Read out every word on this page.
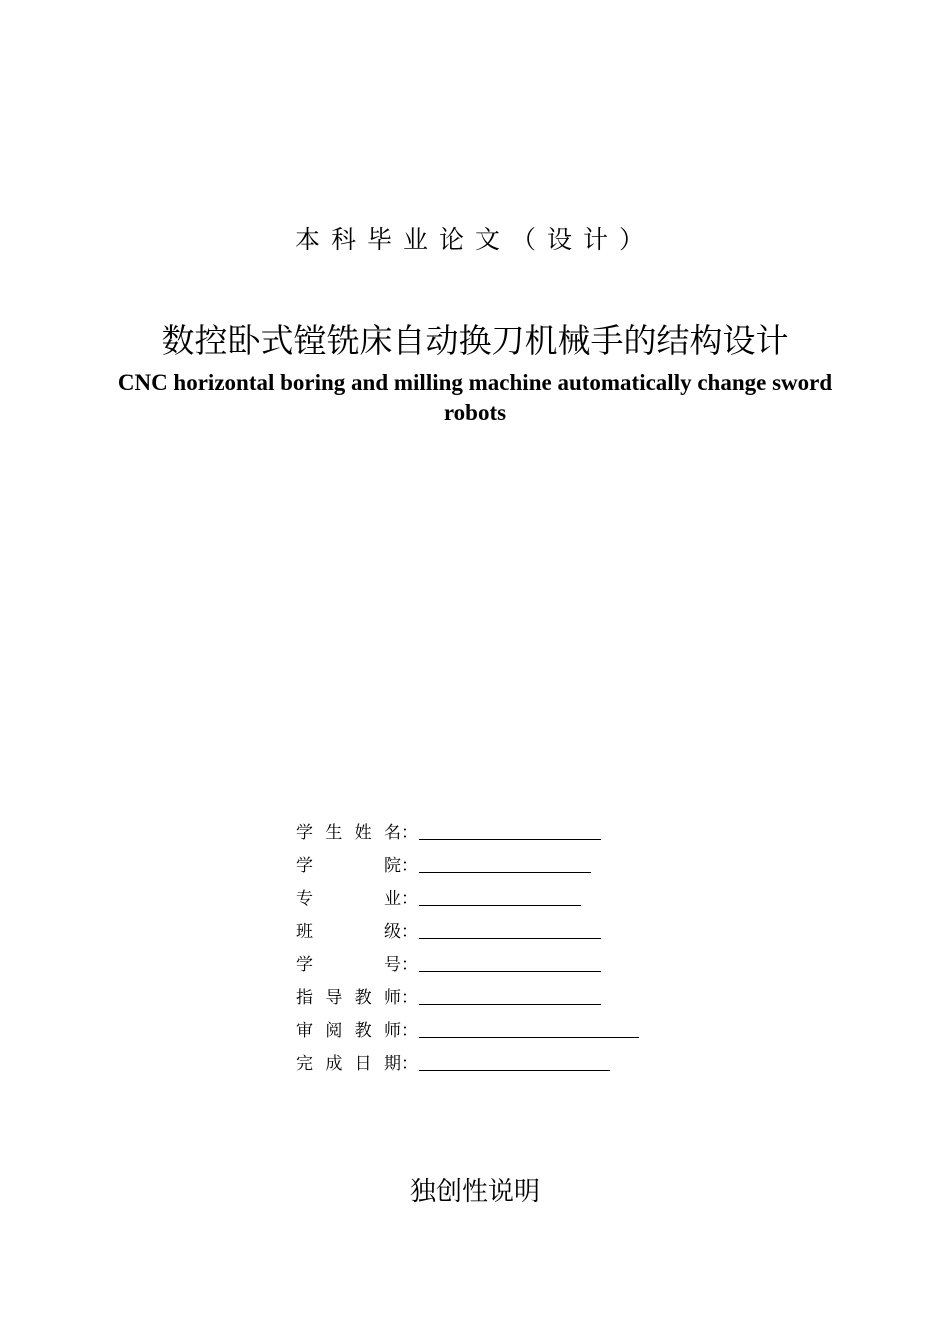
本科毕业论文（设计）
数控卧式镗铣床自动换刀机械手的结构设计
CNC horizontal boring and milling machine automatically change sword robots
学 生 姓 名 ：
学	院 ：
专	业 ：
班	级 ：
学	号 ：
指 导 教 师 ：
审 阅 教 师 ：
完 成 日 期 ：
独创性说明
